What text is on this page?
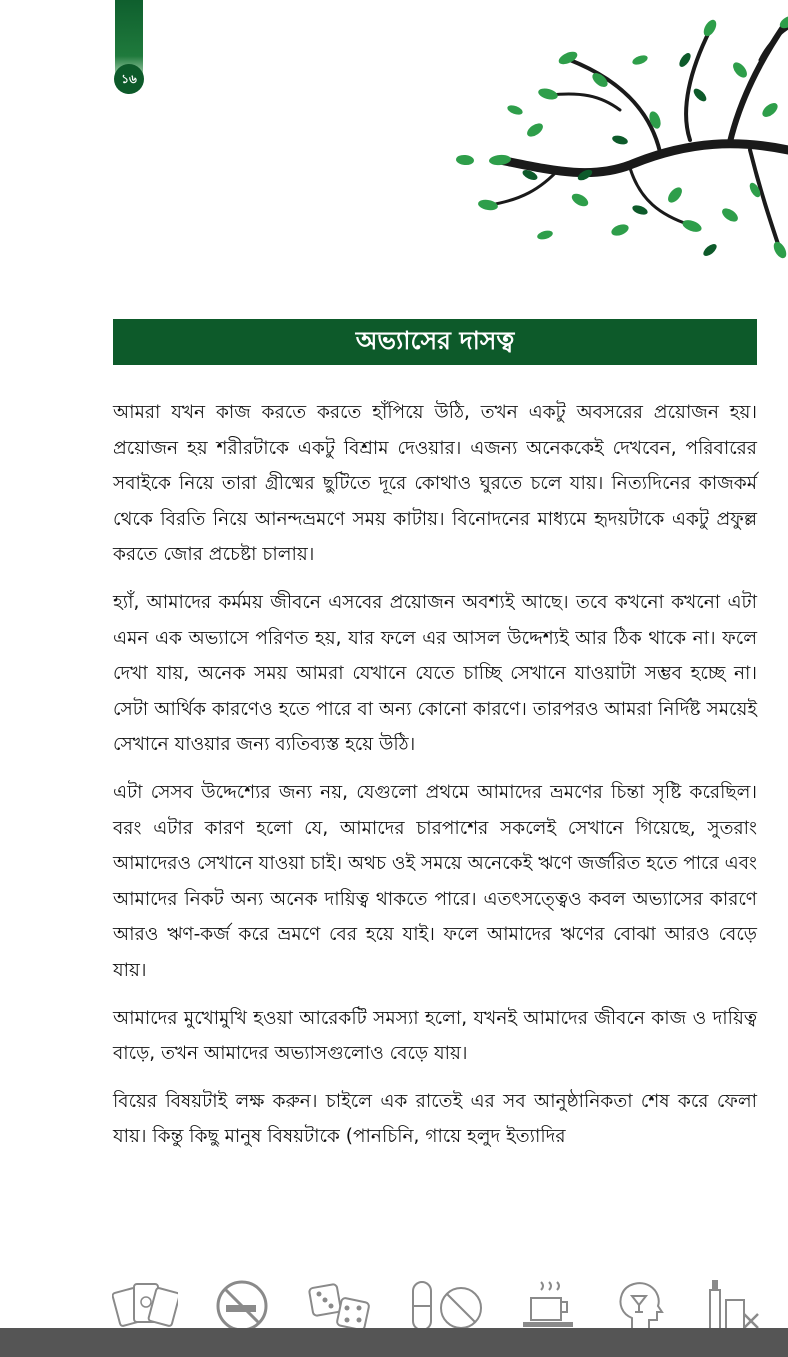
১৬
অভ্যাসের দাসত্ব

আমরা যখন কাজ করতে করতে হাঁপিয়ে উঠি, তখন একটু অবসরের প্রয়োজন হয়। প্রয়োজন হয় শরীরটাকে একটু বিশ্রাম দেওয়ার। এজন্য অনেককেই দেখবেন, পরিবারের সবাইকে নিয়ে তারা গ্রীষ্মের ছুটিতে দূরে কোথাও ঘুরতে চলে যায়। নিত্যদিনের কাজকর্ম থেকে বিরতি নিয়ে আনন্দভ্রমণে সময় কাটায়। বিনোদনের মাধ্যমে হৃদয়টাকে একটু প্রফুল্ল করতে জোর প্রচেষ্টা চালায়।

হ্যাঁ, আমাদের কর্মময় জীবনে এসবের প্রয়োজন অবশ্যই আছে। তবে কখনো কখনো এটা এমন এক অভ্যাসে পরিণত হয়, যার ফলে এর আসল উদ্দেশ্যই আর ঠিক থাকে না। ফলে দেখা যায়, অনেক সময় আমরা যেখানে যেতে চাচ্ছি সেখানে যাওয়াটা সম্ভব হচ্ছে না। সেটা আর্থিক কারণেও হতে পারে বা অন্য কোনো কারণে। তারপরও আমরা নির্দিষ্ট সময়েই সেখানে যাওয়ার জন্য ব্যতিব্যস্ত হয়ে উঠি।

এটা সেসব উদ্দেশ্যের জন্য নয়, যেগুলো প্রথমে আমাদের ভ্রমণের চিন্তা সৃষ্টি করেছিল। বরং এটার কারণ হলো যে, আমাদের চারপাশের সকলেই সেখানে গিয়েছে, সুতরাং আমাদেরও সেখানে যাওয়া চাই। অথচ ওই সময়ে অনেকেই ঋণে জর্জরিত হতে পারে এবং আমাদের নিকট অন্য অনেক দায়িত্ব থাকতে পারে। এতৎসত্ত্বেও কবল অভ্যাসের কারণে আরও ঋণ-কর্জ করে ভ্রমণে বের হয়ে যাই। ফলে আমাদের ঋণের বোঝা আরও বেড়ে যায়।

আমাদের মুখোমুখি হওয়া আরেকটি সমস্যা হলো, যখনই আমাদের জীবনে কাজ ও দায়িত্ব বাড়ে, তখন আমাদের অভ্যাসগুলোও বেড়ে যায়।

বিয়ের বিষয়টাই লক্ষ করুন। চাইলে এক রাতেই এর সব আনুষ্ঠানিকতা শেষ করে ফেলা যায়। কিন্তু কিছু মানুষ বিষয়টাকে (পানচিনি, গায়ে হলুদ ইত্যাদির
